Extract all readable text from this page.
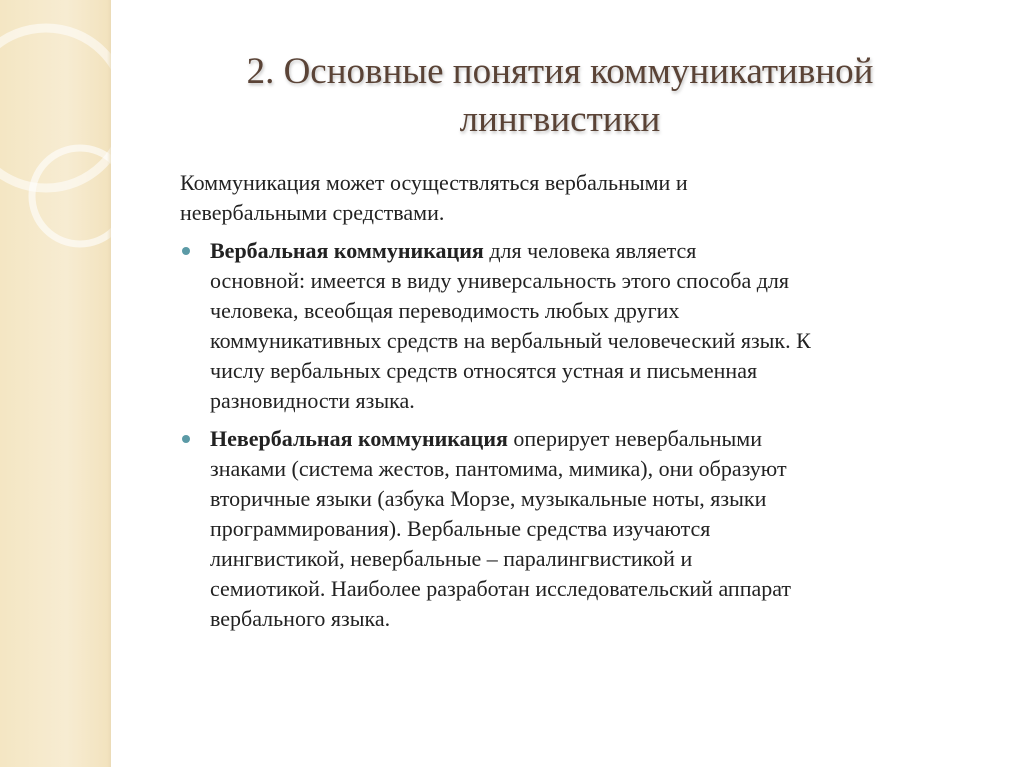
2. Основные понятия коммуникативной
лингвистики
Коммуникация может осуществляться вербальными и
невербальными средствами.
Вербальная коммуникация для человека является
основной: имеется в виду универсальность этого способа для
человека, всеобщая переводимость любых других
коммуникативных средств на вербальный человеческий язык. К
числу вербальных средств относятся устная и письменная
разновидности языка.
Невербальная коммуникация оперирует невербальными
знаками (система жестов, пантомима, мимика), они образуют
вторичные языки (азбука Морзе, музыкальные ноты, языки
программирования). Вербальные средства изучаются
лингвистикой, невербальные – паралингвистикой и
семиотикой. Наиболее разработан исследовательский аппарат
вербального языка.
